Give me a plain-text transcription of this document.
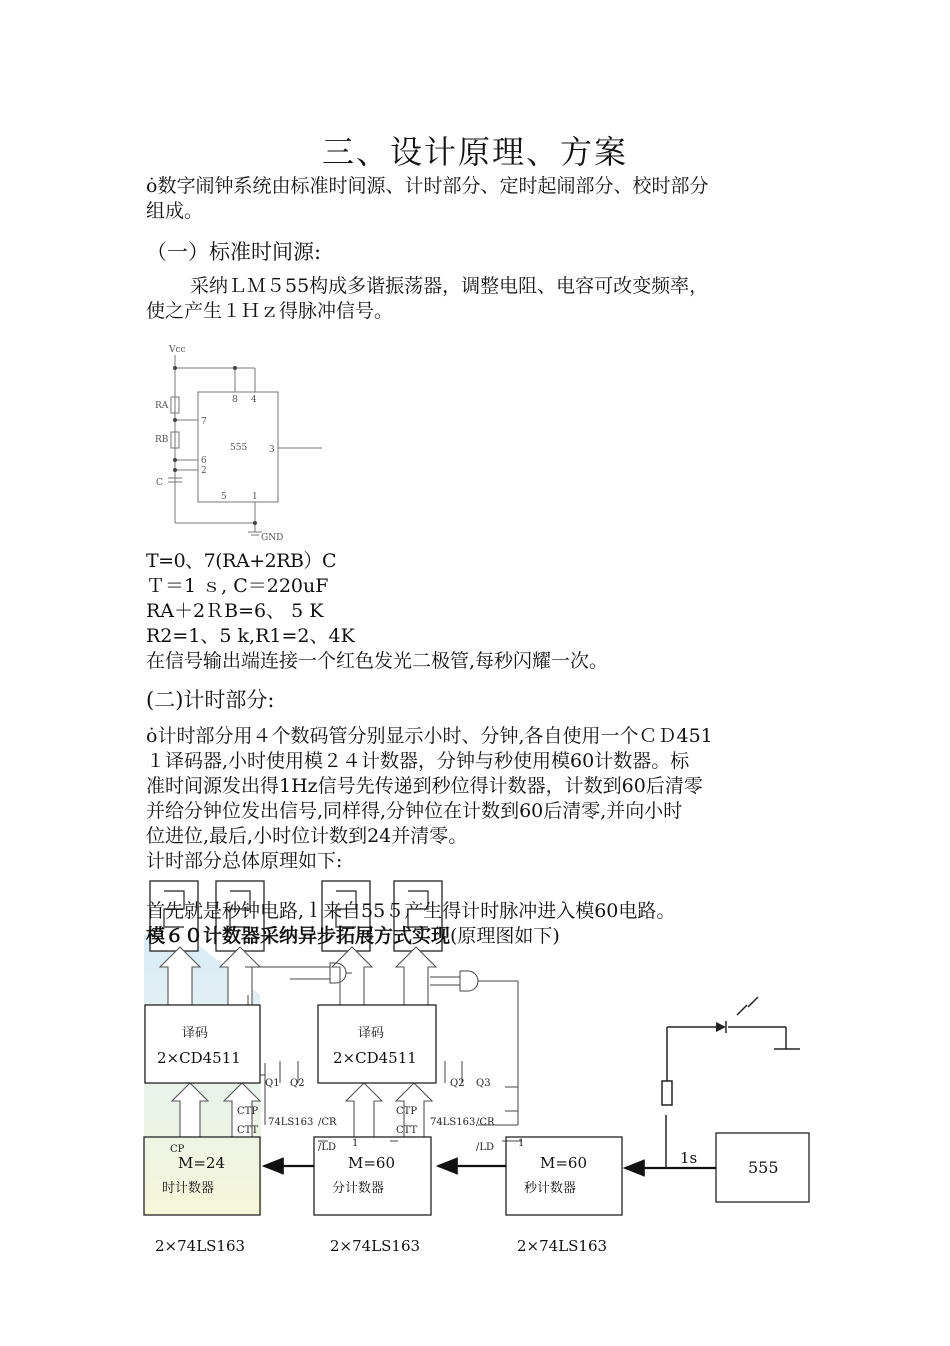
三、设计原理、方案
ȯ数字闹钟系统由标准时间源、计时部分、定时起闹部分、校时部分
组成。
（一）标准时间源:
采纳ＬＭ５55构成多谐振荡器，调整电阻、电容可改变频率，
使之产生１Ｈｚ得脉冲信号。
Vcc
RA
RB
C
GND
555
8 4
7
6
2
3
5	1
T=0、7(RA+2RB）C
Ｔ＝1 ｓ, C＝220uF
RA＋2ＲB=6、 5 K
R2=1、5 k,R1=2、4K
在信号输出端连接一个红色发光二极管,每秒闪耀一次。
(二)计时部分:
ȯ计时部分用４个数码管分别显示小时、分钟,各自使用一个ＣＤ451
１译码器,小时使用模２４计数器，分钟与秒使用模60计数器。标
准时间源发出得1Hz信号先传递到秒位得计数器，计数到60后清零
并给分钟位发出信号,同样得,分钟位在计数到60后清零,并向小时
位进位,最后,小时位计数到24并清零。
计时部分总体原理如下:
译码
2×CD4511
译码
2×CD4511
M=24
时计数器
M=60
分计数器
M=60
秒计数器
555
1s
2×74LS163	2×74LS163	2×74LS163
Q1 Q2	Q2 Q3
CTP
CTT
CTP
CTT
74LS163	74LS163
/CR	/CR
/LD	/LD
1	1
CP
首先就是秒钟电路,ｌ来自55５产生得计时脉冲进入模60电路。
模６０计数器采纳异步拓展方式实现(原理图如下)
